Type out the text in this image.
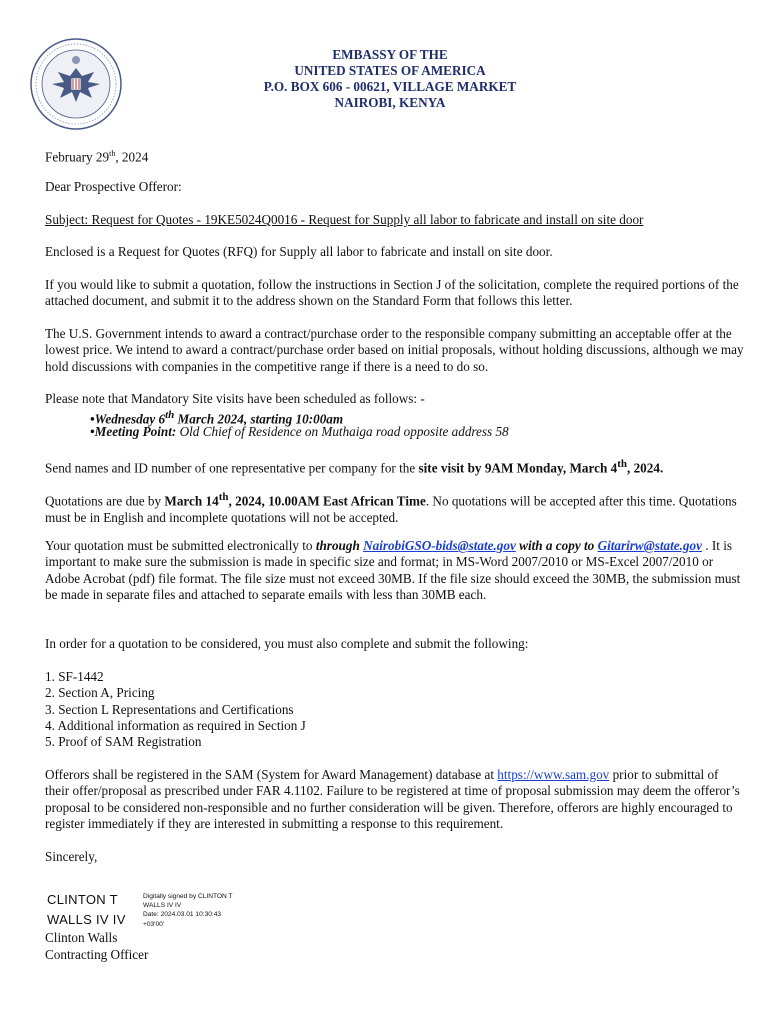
EMBASSY OF THE
UNITED STATES OF AMERICA
P.O. BOX 606 - 00621, VILLAGE MARKET
NAIROBI, KENYA
February 29th, 2024
Dear Prospective Offeror:
Subject: Request for Quotes - 19KE5024Q0016 - Request for Supply all labor to fabricate and install on site door
Enclosed is a Request for Quotes (RFQ) for Supply all labor to fabricate and install on site door.
If you would like to submit a quotation, follow the instructions in Section J of the solicitation, complete the required portions of the attached document, and submit it to the address shown on the Standard Form that follows this letter.
The U.S. Government intends to award a contract/purchase order to the responsible company submitting an acceptable offer at the lowest price. We intend to award a contract/purchase order based on initial proposals, without holding discussions, although we may hold discussions with companies in the competitive range if there is a need to do so.
Please note that Mandatory Site visits have been scheduled as follows: -
•Wednesday 6th March 2024, starting 10:00am
•Meeting Point: Old Chief of Residence on Muthaiga road opposite address 58
Send names and ID number of one representative per company for the site visit by 9AM Monday, March 4th, 2024.
Quotations are due by March 14th, 2024, 10.00AM East African Time. No quotations will be accepted after this time. Quotations must be in English and incomplete quotations will not be accepted.
Your quotation must be submitted electronically to through NairobiGSO-bids@state.gov with a copy to Gitarirw@state.gov . It is important to make sure the submission is made in specific size and format; in MS-Word 2007/2010 or MS-Excel 2007/2010 or Adobe Acrobat (pdf) file format. The file size must not exceed 30MB. If the file size should exceed the 30MB, the submission must be made in separate files and attached to separate emails with less than 30MB each.
In order for a quotation to be considered, you must also complete and submit the following:
1. SF-1442
2. Section A, Pricing
3. Section L Representations and Certifications
4. Additional information as required in Section J
5. Proof of SAM Registration
Offerors shall be registered in the SAM (System for Award Management) database at https://www.sam.gov prior to submittal of their offer/proposal as prescribed under FAR 4.1102. Failure to be registered at time of proposal submission may deem the offeror’s proposal to be considered non-responsible and no further consideration will be given. Therefore, offerors are highly encouraged to register immediately if they are interested in submitting a response to this requirement.
Sincerely,
CLINTON T
WALLS IV IV
Digitally signed by CLINTON T
WALLS IV IV
Date: 2024.03.01 10:30:43
+03'00'
Clinton Walls
Contracting Officer
